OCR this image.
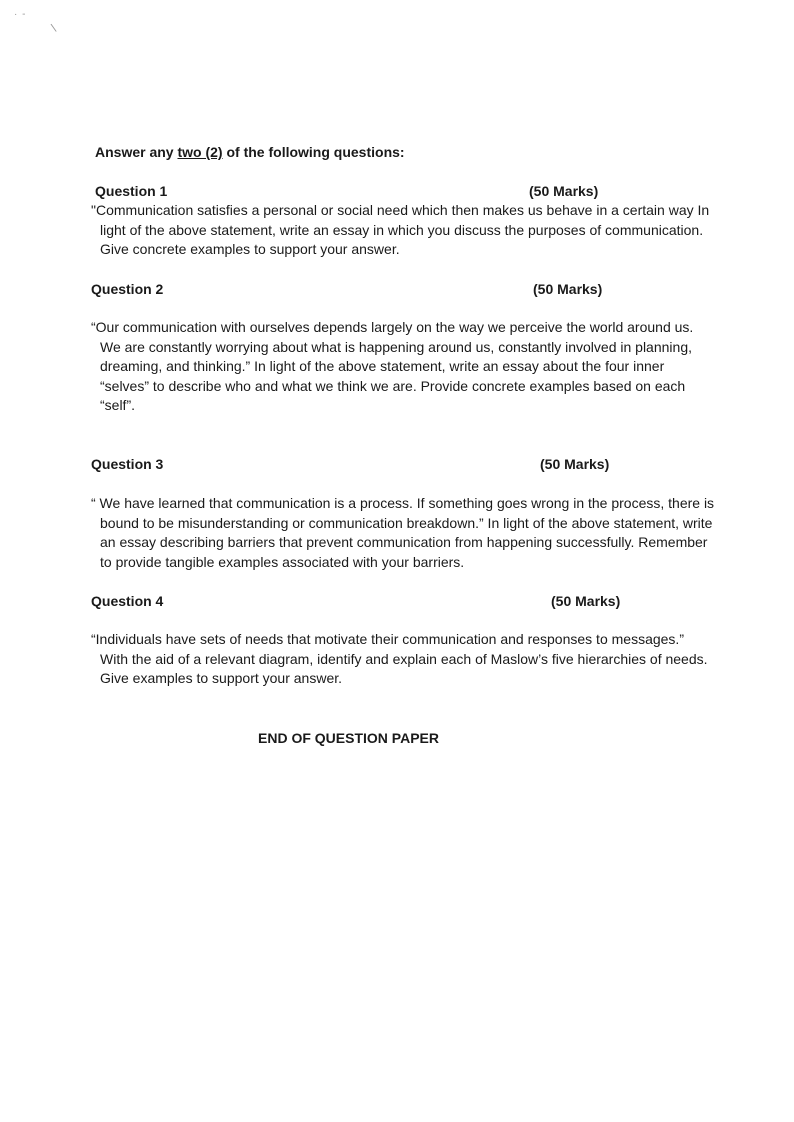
· -
\
Answer any two (2) of the following questions:
Question 1	(50 Marks)

"Communication satisfies a personal or social need which then makes us behave in a certain way In light of the above statement, write an essay in which you discuss the purposes of communication. Give concrete examples to support your answer.

Question 2	(50 Marks)

“Our communication with ourselves depends largely on the way we perceive the world around us. We are constantly worrying about what is happening around us, constantly involved in planning, dreaming, and thinking.” In light of the above statement, write an essay about the four inner “selves” to describe who and what we think we are. Provide concrete examples based on each “self”.

Question 3	(50 Marks)

“ We have learned that communication is a process. If something goes wrong in the process, there is bound to be misunderstanding or communication breakdown.” In light of the above statement, write an essay describing barriers that prevent communication from happening successfully. Remember to provide tangible examples associated with your barriers.

Question 4	(50 Marks)

“Individuals have sets of needs that motivate their communication and responses to messages.” With the aid of a relevant diagram, identify and explain each of Maslow’s five hierarchies of needs. Give examples to support your answer.

END OF QUESTION PAPER
